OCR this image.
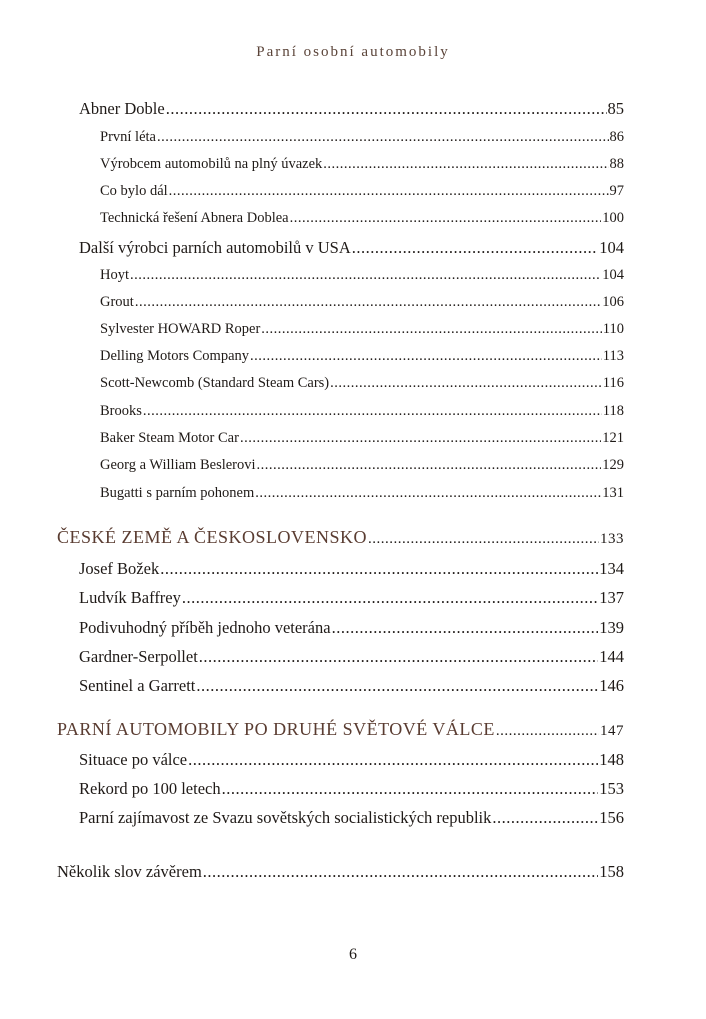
Parní osobní automobily
Abner Doble .....	85
První léta .....	86
Výrobcem automobilů na plný úvazek .....	88
Co bylo dál .....	97
Technická řešení Abnera Doblea .....	100
Další výrobci parních automobilů v USA .....	104
Hoyt .....	104
Grout .....	106
Sylvester HOWARD Roper .....	110
Delling Motors Company .....	113
Scott-Newcomb (Standard Steam Cars) .....	116
Brooks .....	118
Baker Steam Motor Car .....	121
Georg a William Beslerovi .....	129
Bugatti s parním pohonem .....	131
ČESKÉ ZEMĚ A ČESKOSLOVENSKO .....	133
Josef Božek .....	134
Ludvík Baffrey .....	137
Podivuhodný příběh jednoho veterána .....	139
Gardner-Serpollet .....	144
Sentinel a Garrett .....	146
PARNÍ AUTOMOBILY PO DRUHÉ SVĚTOVÉ VÁLCE .....	147
Situace po válce .....	148
Rekord po 100 letech .....	153
Parní zajímavost ze Svazu sovětských socialistických republik .....	156
Několik slov závěrem .....	158
6
